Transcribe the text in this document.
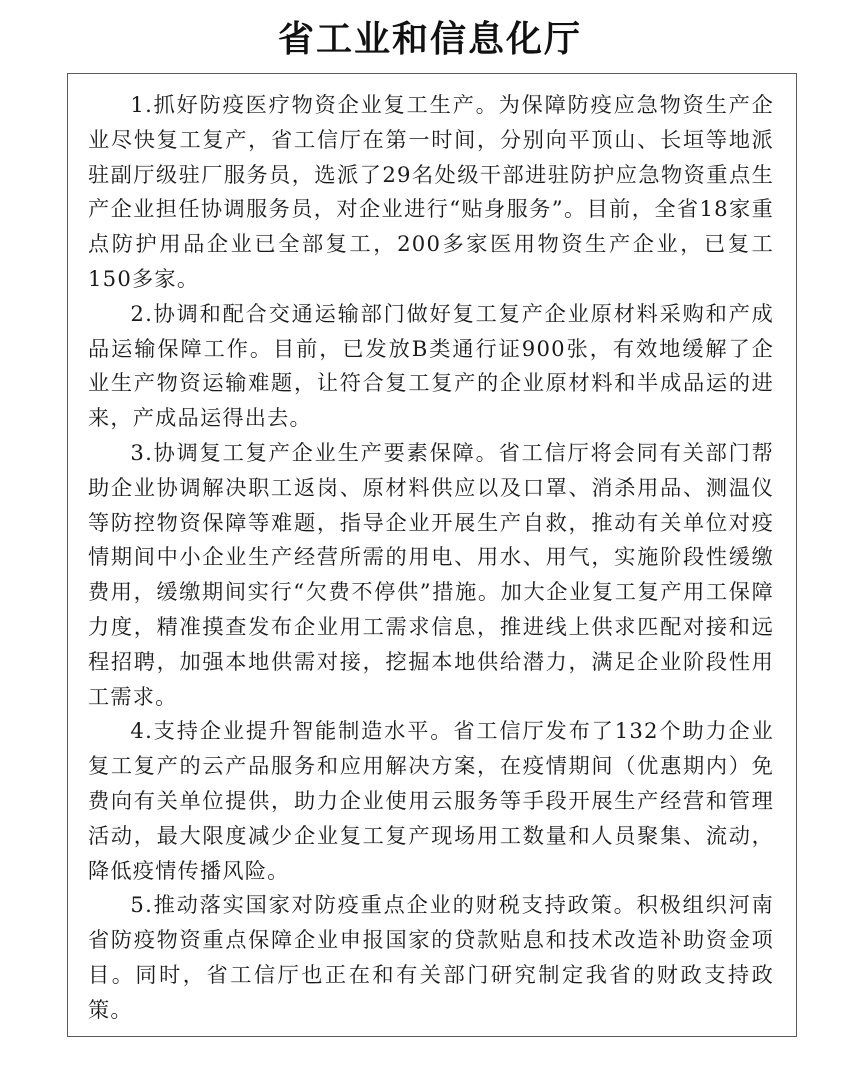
省工业和信息化厅

1.抓好防疫医疗物资企业复工生产。为保障防疫应急物资生产企业尽快复工复产，省工信厅在第一时间，分别向平顶山、长垣等地派驻副厅级驻厂服务员，选派了29名处级干部进驻防护应急物资重点生产企业担任协调服务员，对企业进行“贴身服务”。目前，全省18家重点防护用品企业已全部复工，200多家医用物资生产企业，已复工150多家。

2.协调和配合交通运输部门做好复工复产企业原材料采购和产成品运输保障工作。目前，已发放B类通行证900张，有效地缓解了企业生产物资运输难题，让符合复工复产的企业原材料和半成品运的进来，产成品运得出去。

3.协调复工复产企业生产要素保障。省工信厅将会同有关部门帮助企业协调解决职工返岗、原材料供应以及口罩、消杀用品、测温仪等防控物资保障等难题，指导企业开展生产自救，推动有关单位对疫情期间中小企业生产经营所需的用电、用水、用气，实施阶段性缓缴费用，缓缴期间实行“欠费不停供”措施。加大企业复工复产用工保障力度，精准摸查发布企业用工需求信息，推进线上供求匹配对接和远程招聘，加强本地供需对接，挖掘本地供给潜力，满足企业阶段性用工需求。

4.支持企业提升智能制造水平。省工信厅发布了132个助力企业复工复产的云产品服务和应用解决方案，在疫情期间（优惠期内）免费向有关单位提供，助力企业使用云服务等手段开展生产经营和管理活动，最大限度减少企业复工复产现场用工数量和人员聚集、流动，降低疫情传播风险。

5.推动落实国家对防疫重点企业的财税支持政策。积极组织河南省防疫物资重点保障企业申报国家的贷款贴息和技术改造补助资金项目。同时，省工信厅也正在和有关部门研究制定我省的财政支持政策。
